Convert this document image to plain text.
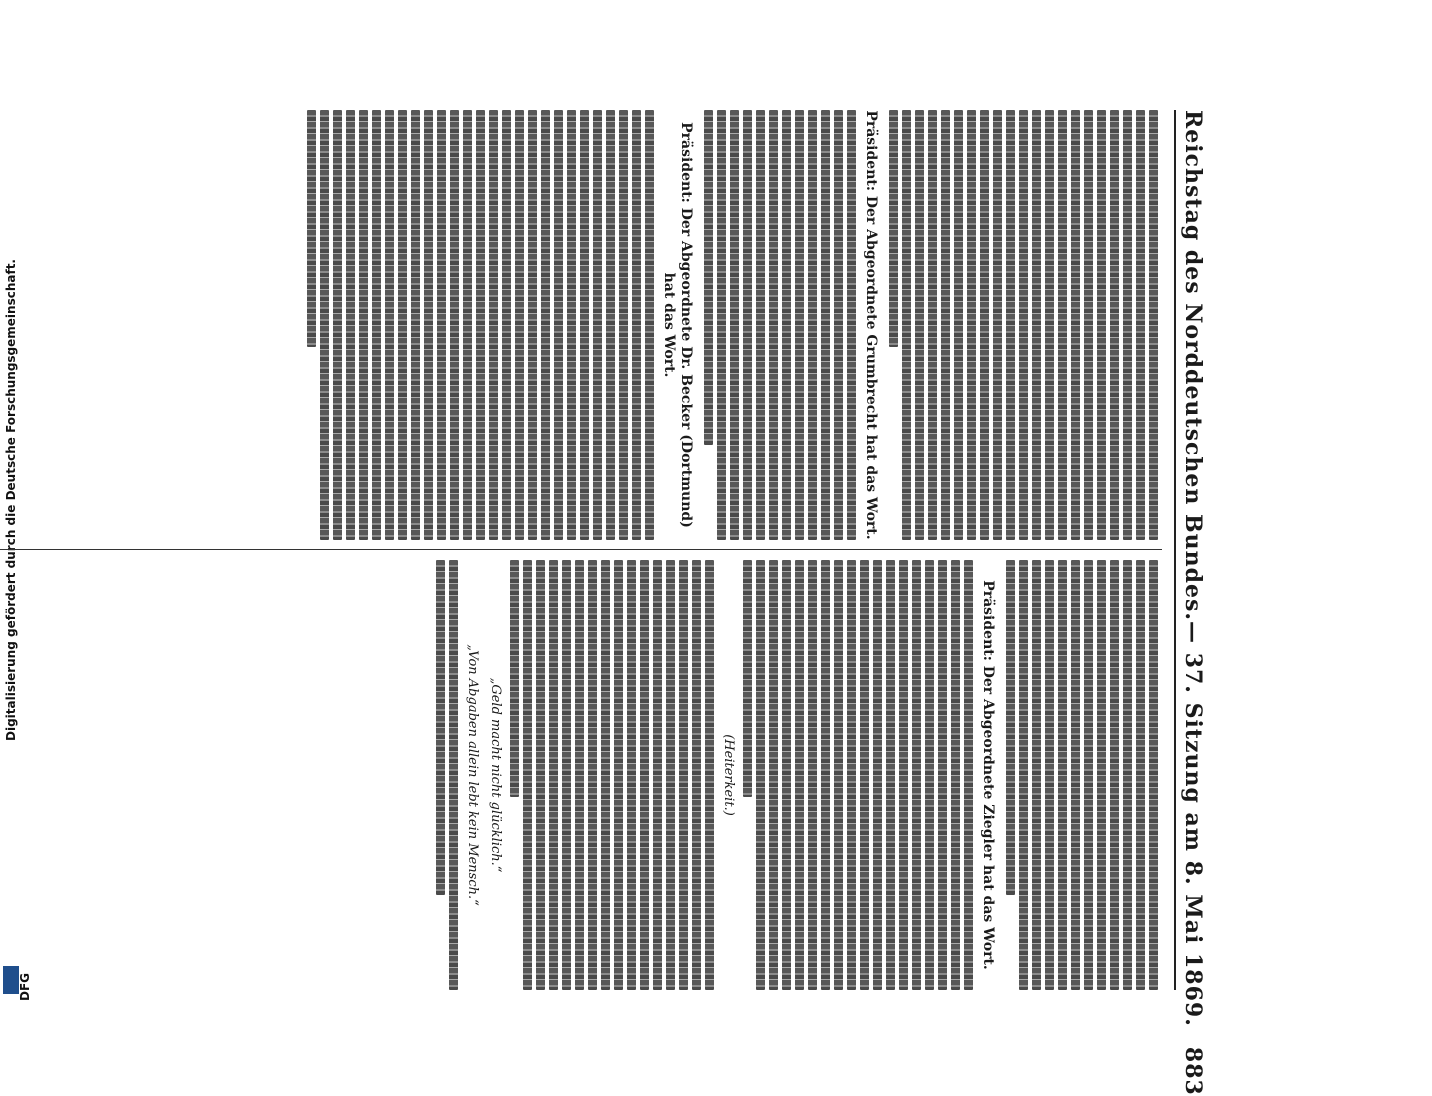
Digitalisierung gefördert durch die Deutsche Forschungsgemeinschaft.
DFG
Reichstag des Norddeutschen Bundes.
— 37. Sitzung am 8. Mai 1869.
883
Präsident: Der Abgeordnete Grumbrecht hat das Wort.
Präsident: Der Abgeordnete Dr. Becker (Dortmund) hat das Wort.
Präsident: Der Abgeordnete Ziegler hat das Wort.
(Heiterkeit.)
„Geld macht nicht glücklich.“
„Von Abgaben allein lebt kein Mensch.“
